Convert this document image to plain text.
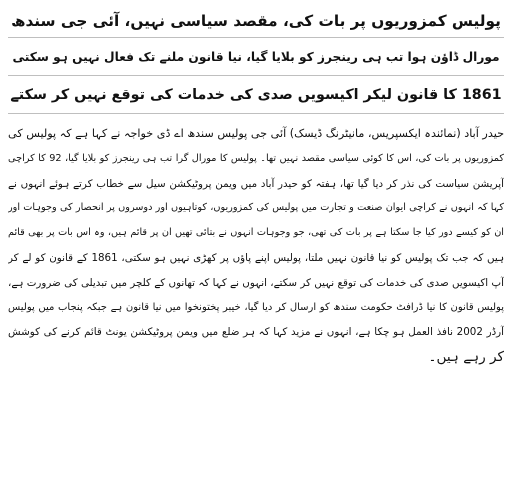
پولیس کمزوریوں پر بات کی، مقصد سیاسی نہیں، آئی جی سندھ
مورال ڈاؤن ہوا تب ہی رینجرز کو بلایا گیا، نیا قانون ملنے تک فعال نہیں ہو سکتی
1861 کا قانون لیکر اکیسویں صدی کی خدمات کی توقع نہیں کر سکتے
حیدر آباد (نمائندہ ایکسپریس، مانیٹرنگ ڈیسک) آئی جی پولیس سندھ اے ڈی خواجہ نے کہا ہے کہ پولیس کی
کمزوریوں پر بات کی، اس کا کوئی سیاسی مقصد نہیں تھا۔ پولیس کا مورال گرا تب ہی رینجرز کو بلایا گیا، 92 کا کراچی
آپریشن سیاست کی نذر کر دیا گیا تھا، ہفتہ کو حیدر آباد میں ویمن پروٹیکشن سیل سے خطاب کرتے ہوئے انہوں نے
کہا کہ انہوں نے کراچی ایوان صنعت و تجارت میں پولیس کی کمزوریوں، کوتاہیوں اور دوسروں پر انحصار کی وجوہات اور
ان کو کیسے دور کیا جا سکتا ہے پر بات کی تھی، جو وجوہات انہوں نے بتائی تھیں ان پر قائم ہیں، وہ اس بات پر بھی قائم
ہیں کہ جب تک پولیس کو نیا قانون نہیں ملتا، پولیس اپنے پاؤں پر کھڑی نہیں ہو سکتی، 1861 کے قانون کو لے کر
آپ اکیسویں صدی کی خدمات کی توقع نہیں کر سکتے، انہوں نے کہا کہ تھانوں کے کلچر میں تبدیلی کی ضرورت ہے،
پولیس قانون کا نیا ڈرافٹ حکومت سندھ کو ارسال کر دیا گیا، خیبر پختونخوا میں نیا قانون ہے جبکہ پنجاب میں پولیس
آرڈر 2002 نافذ العمل ہو چکا ہے، انہوں نے مزید کہا کہ ہر ضلع میں ویمن پروٹیکشن یونٹ قائم کرنے کی کوشش
کر رہے ہیں۔
